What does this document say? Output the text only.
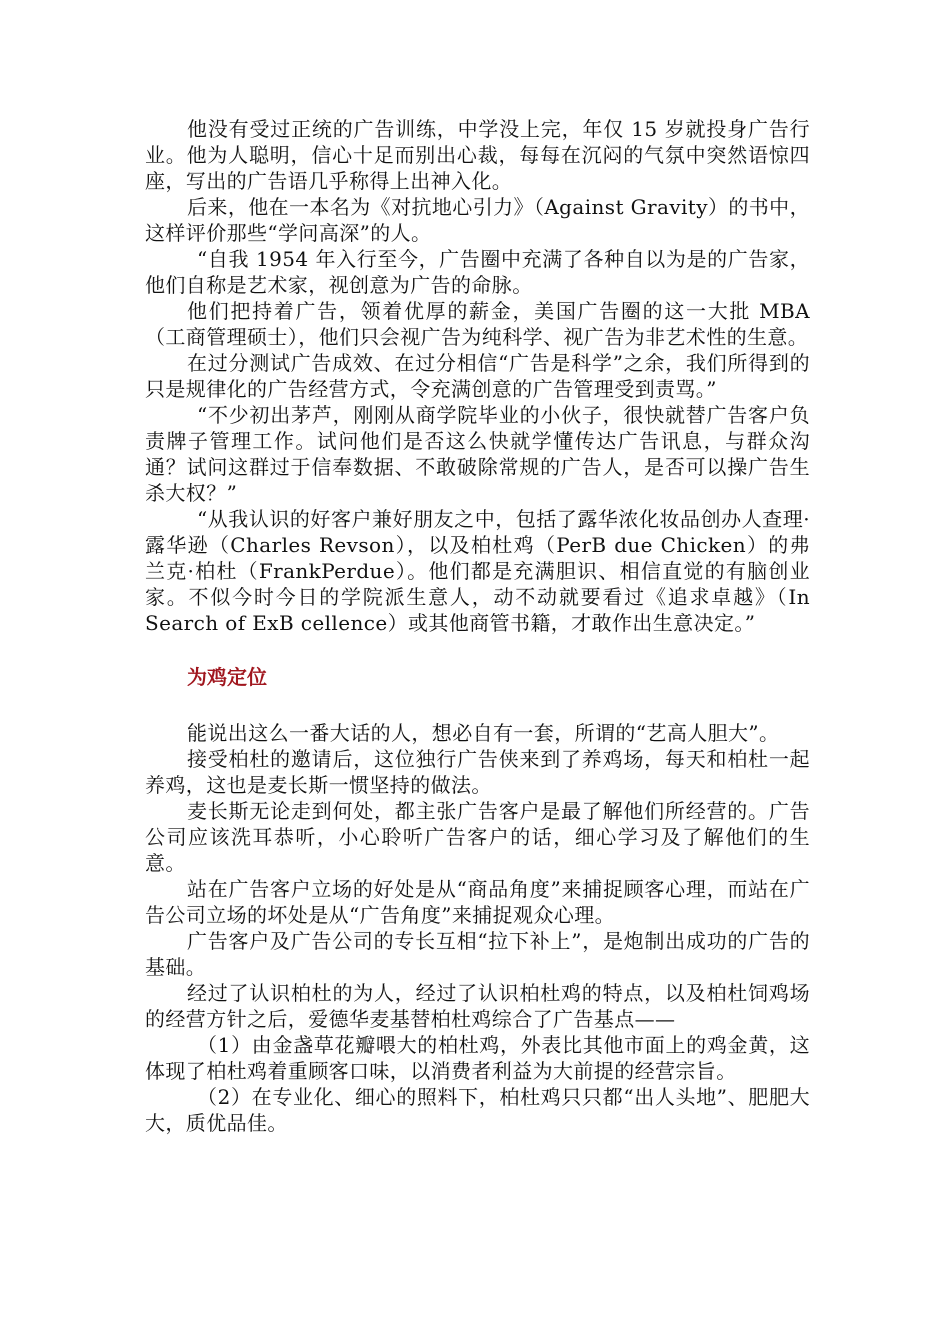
他没有受过正统的广告训练，中学没上完，年仅 15 岁就投身广告行业。他为人聪明，信心十足而别出心裁，每每在沉闷的气氛中突然语惊四座，写出的广告语几乎称得上出神入化。

后来，他在一本名为《对抗地心引力》（Against Gravity）的书中，这样评价那些“学问高深”的人。

“自我 1954 年入行至今，广告圈中充满了各种自以为是的广告家，他们自称是艺术家，视创意为广告的命脉。

他们把持着广告，领着优厚的薪金，美国广告圈的这一大批 MBA（工商管理硕士），他们只会视广告为纯科学、视广告为非艺术性的生意。

在过分测试广告成效、在过分相信“广告是科学”之余，我们所得到的只是规律化的广告经营方式，令充满创意的广告管理受到责骂。”

“不少初出茅芦，刚刚从商学院毕业的小伙子，很快就替广告客户负责牌子管理工作。试问他们是否这么快就学懂传达广告讯息，与群众沟通？试问这群过于信奉数据、不敢破除常规的广告人，是否可以操广告生杀大权？”

“从我认识的好客户兼好朋友之中，包括了露华浓化妆品创办人查理·露华逊（Charles Revson），以及柏杜鸡（PerB due Chicken）的弗兰克·柏杜（FrankPerdue）。他们都是充满胆识、相信直觉的有脑创业家。不似今时今日的学院派生意人，动不动就要看过《追求卓越》（In Search of ExB cellence）或其他商管书籍，才敢作出生意决定。”

为鸡定位

能说出这么一番大话的人，想必自有一套，所谓的“艺高人胆大”。

接受柏杜的邀请后，这位独行广告侠来到了养鸡场，每天和柏杜一起养鸡，这也是麦长斯一惯坚持的做法。

麦长斯无论走到何处，都主张广告客户是最了解他们所经营的。广告公司应该洗耳恭听，小心聆听广告客户的话，细心学习及了解他们的生意。

站在广告客户立场的好处是从“商品角度”来捕捉顾客心理，而站在广告公司立场的坏处是从“广告角度”来捕捉观众心理。

广告客户及广告公司的专长互相“拉下补上”，是炮制出成功的广告的基础。

经过了认识柏杜的为人，经过了认识柏杜鸡的特点，以及柏杜饲鸡场的经营方针之后，爱德华麦基替柏杜鸡综合了广告基点——

（1）由金盏草花瓣喂大的柏杜鸡，外表比其他市面上的鸡金黄，这体现了柏杜鸡着重顾客口味，以消费者利益为大前提的经营宗旨。

（2）在专业化、细心的照料下，柏杜鸡只只都“出人头地”、肥肥大大，质优品佳。
